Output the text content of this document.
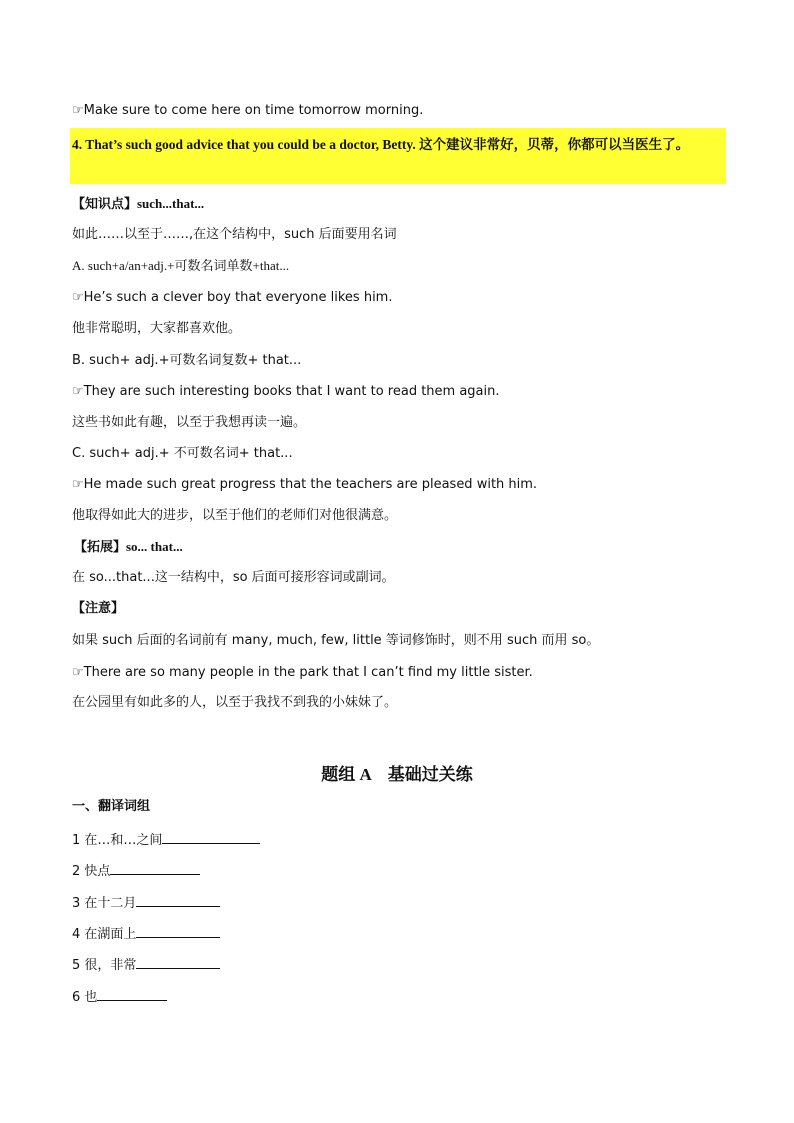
☞Make sure to come here on time tomorrow morning.
4. That’s such good advice that you could be a doctor, Betty. 这个建议非常好，贝蒂，你都可以当医生了。
【知识点】such...that...
如此……以至于……,在这个结构中，such 后面要用名词
A. such+a/an+adj.+可数名词单数+that...
☞He’s such a clever boy that everyone likes him.
他非常聪明，大家都喜欢他。
B. such+ adj.+可数名词复数+ that...
☞They are such interesting books that I want to read them again.
这些书如此有趣，以至于我想再读一遍。
C. such+ adj.+ 不可数名词+ that...
☞He made such great progress that the teachers are pleased with him.
他取得如此大的进步，以至于他们的老师们对他很满意。
【拓展】so... that...
在 so...that...这一结构中，so 后面可接形容词或副词。
【注意】
如果 such 后面的名词前有 many, much, few, little 等词修饰时，则不用 such 而用 so。
☞There are so many people in the park that I can’t find my little sister.
在公园里有如此多的人，以至于我找不到我的小妹妹了。
题组 A    基础过关练
一、翻译词组
1 在…和…之间
2 快点
3 在十二月
4 在湖面上
5 很，非常
6 也
